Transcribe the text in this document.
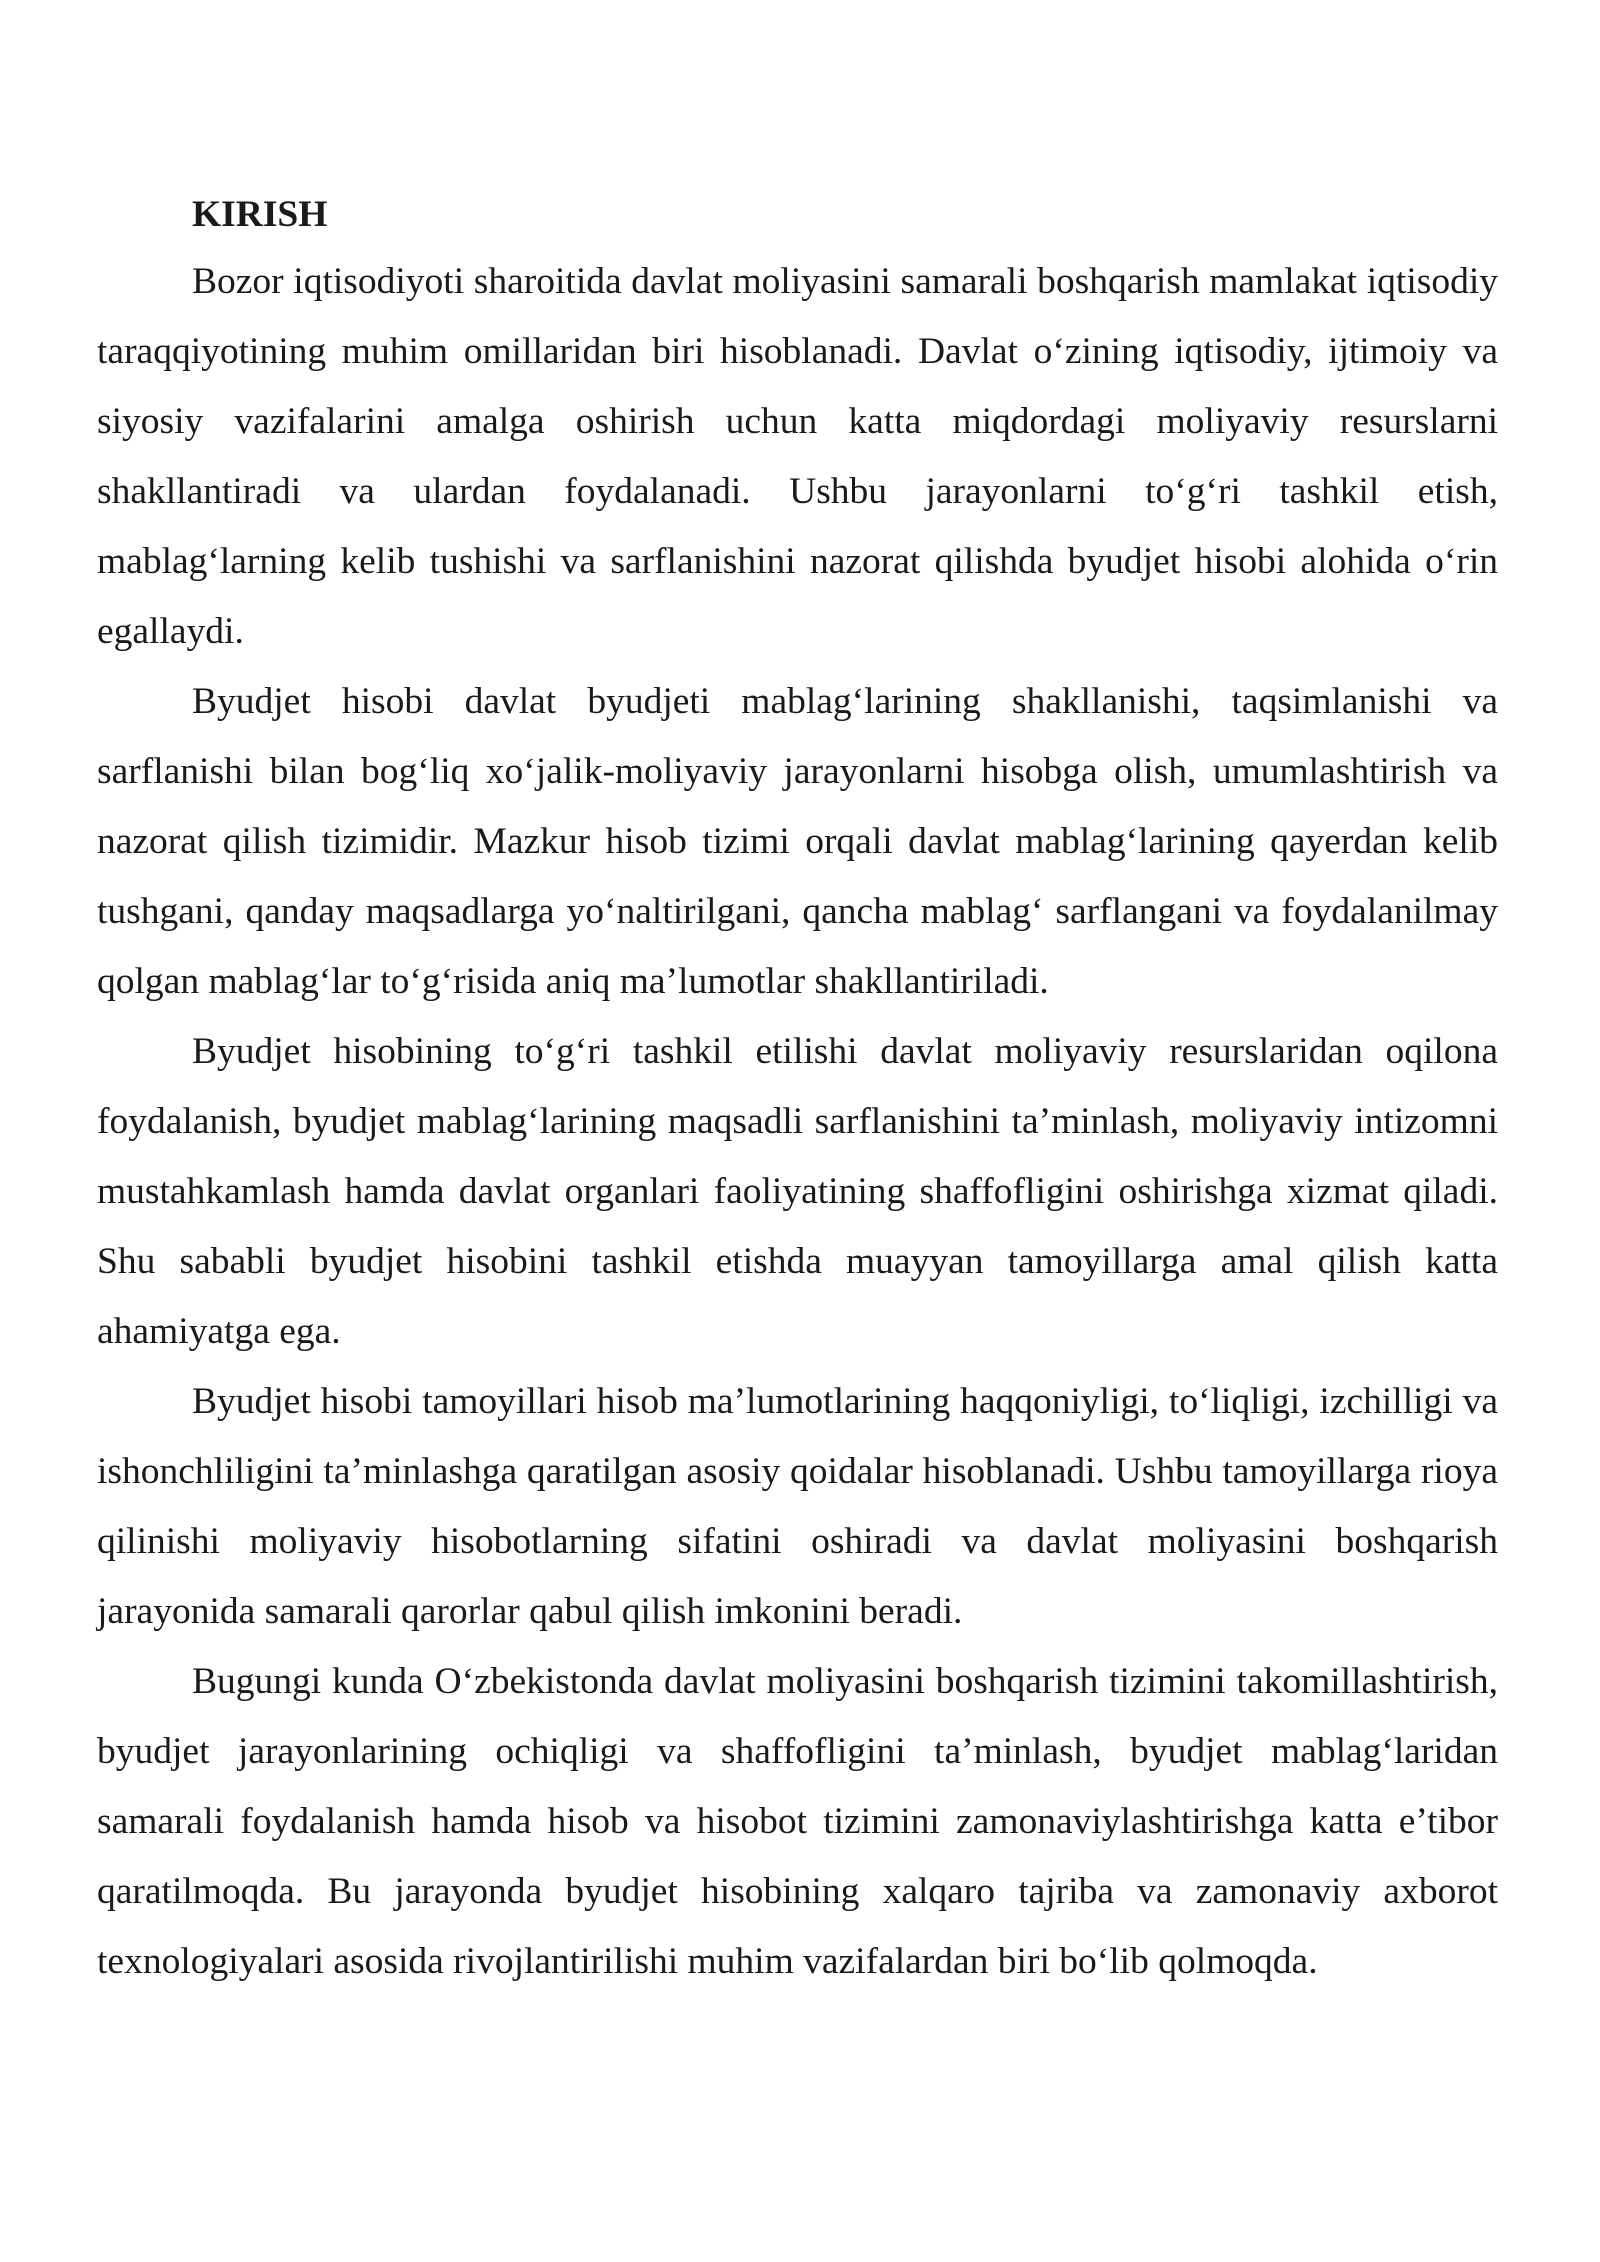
KIRISH

Bozor iqtisodiyoti sharoitida davlat moliyasini samarali boshqarish mamlakat iqtisodiy taraqqiyotining muhim omillaridan biri hisoblanadi. Davlat o‘zining iqtisodiy, ijtimoiy va siyosiy vazifalarini amalga oshirish uchun katta miqdordagi moliyaviy resurslarni shakllantiradi va ulardan foydalanadi. Ushbu jarayonlarni to‘g‘ri tashkil etish, mablag‘larning kelib tushishi va sarflanishini nazorat qilishda byudjet hisobi alohida o‘rin egallaydi.

Byudjet hisobi davlat byudjeti mablag‘larining shakllanishi, taqsimlanishi va sarflanishi bilan bog‘liq xo‘jalik-moliyaviy jarayonlarni hisobga olish, umumlashtirish va nazorat qilish tizimidir. Mazkur hisob tizimi orqali davlat mablag‘larining qayerdan kelib tushgani, qanday maqsadlarga yo‘naltirilgani, qancha mablag‘ sarflangani va foydalanilmay qolgan mablag‘lar to‘g‘risida aniq ma’lumotlar shakllantiriladi.

Byudjet hisobining to‘g‘ri tashkil etilishi davlat moliyaviy resurslaridan oqilona foydalanish, byudjet mablag‘larining maqsadli sarflanishini ta’minlash, moliyaviy intizomni mustahkamlash hamda davlat organlari faoliyatining shaffofligini oshirishga xizmat qiladi. Shu sababli byudjet hisobini tashkil etishda muayyan tamoyillarga amal qilish katta ahamiyatga ega.

Byudjet hisobi tamoyillari hisob ma’lumotlarining haqqoniyligi, to‘liqligi, izchilligi va ishonchliligini ta’minlashga qaratilgan asosiy qoidalar hisoblanadi. Ushbu tamoyillarga rioya qilinishi moliyaviy hisobotlarning sifatini oshiradi va davlat moliyasini boshqarish jarayonida samarali qarorlar qabul qilish imkonini beradi.

Bugungi kunda O‘zbekistonda davlat moliyasini boshqarish tizimini takomillashtirish, byudjet jarayonlarining ochiqligi va shaffofligini ta’minlash, byudjet mablag‘laridan samarali foydalanish hamda hisob va hisobot tizimini zamonaviylashtirishga katta e’tibor qaratilmoqda. Bu jarayonda byudjet hisobining xalqaro tajriba va zamonaviy axborot texnologiyalari asosida rivojlantirilishi muhim vazifalardan biri bo‘lib qolmoqda.
